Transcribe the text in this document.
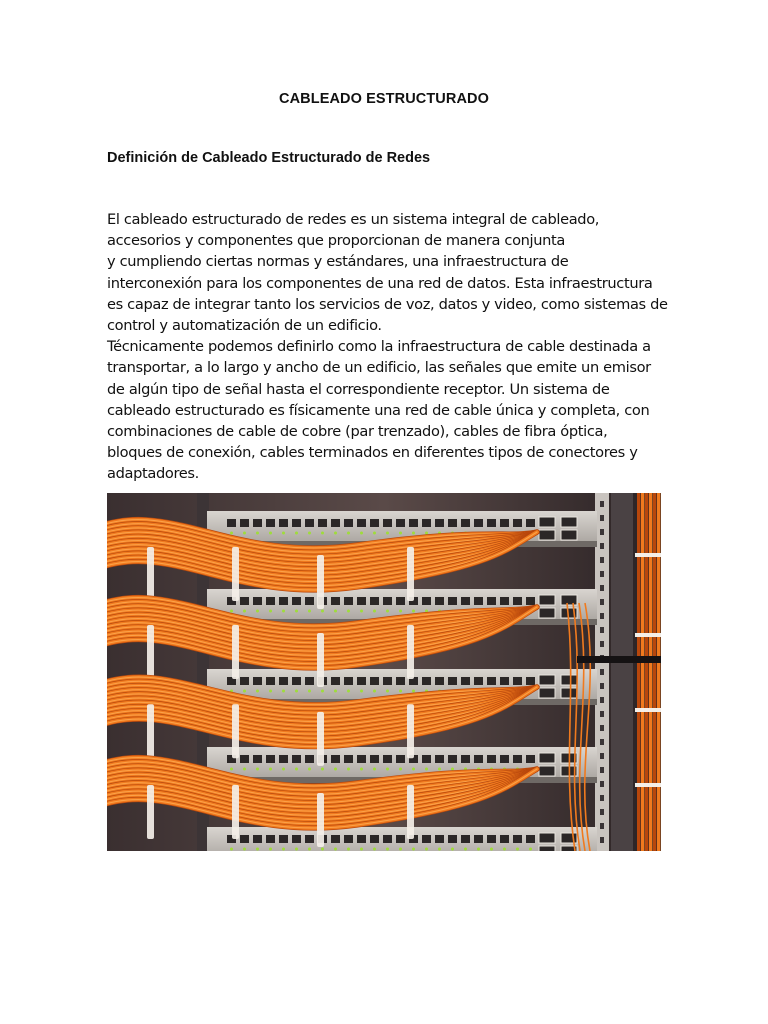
CABLEADO ESTRUCTURADO
Definición de Cableado Estructurado de Redes
El cableado estructurado de redes es un sistema integral de cableado,
accesorios y componentes que proporcionan de manera conjunta
y cumpliendo ciertas normas y estándares, una infraestructura de
interconexión para los componentes de una red de datos. Esta infraestructura
es capaz de integrar tanto los servicios de voz, datos y video, como sistemas de
control y automatización de un edificio.
Técnicamente podemos definirlo como la infraestructura de cable destinada a
transportar, a lo largo y ancho de un edificio, las señales que emite un emisor
de algún tipo de señal hasta el correspondiente receptor. Un sistema de
cableado estructurado es físicamente una red de cable única y completa, con
combinaciones de cable de cobre (par trenzado), cables de fibra óptica,
bloques de conexión, cables terminados en diferentes tipos de conectores y
adaptadores.
